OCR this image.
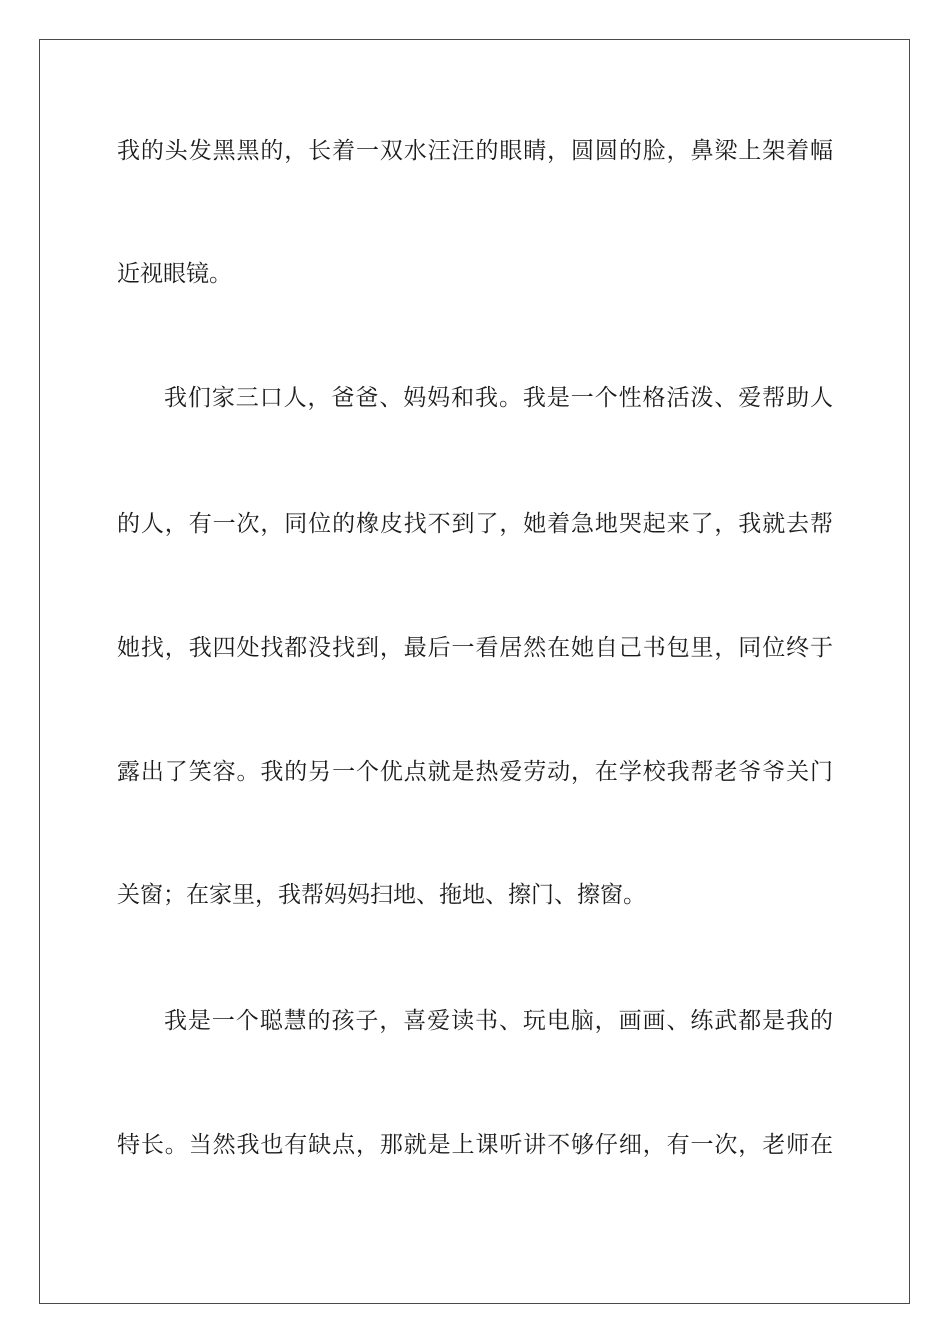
我的头发黑黑的，长着一双水汪汪的眼睛，圆圆的脸，鼻梁上架着幅
近视眼镜。
我们家三口人，爸爸、妈妈和我。我是一个性格活泼、爱帮助人
的人，有一次，同位的橡皮找不到了，她着急地哭起来了，我就去帮
她找，我四处找都没找到，最后一看居然在她自己书包里，同位终于
露出了笑容。我的另一个优点就是热爱劳动，在学校我帮老爷爷关门
关窗；在家里，我帮妈妈扫地、拖地、擦门、擦窗。
我是一个聪慧的孩子，喜爱读书、玩电脑，画画、练武都是我的
特长。当然我也有缺点，那就是上课听讲不够仔细，有一次，老师在
